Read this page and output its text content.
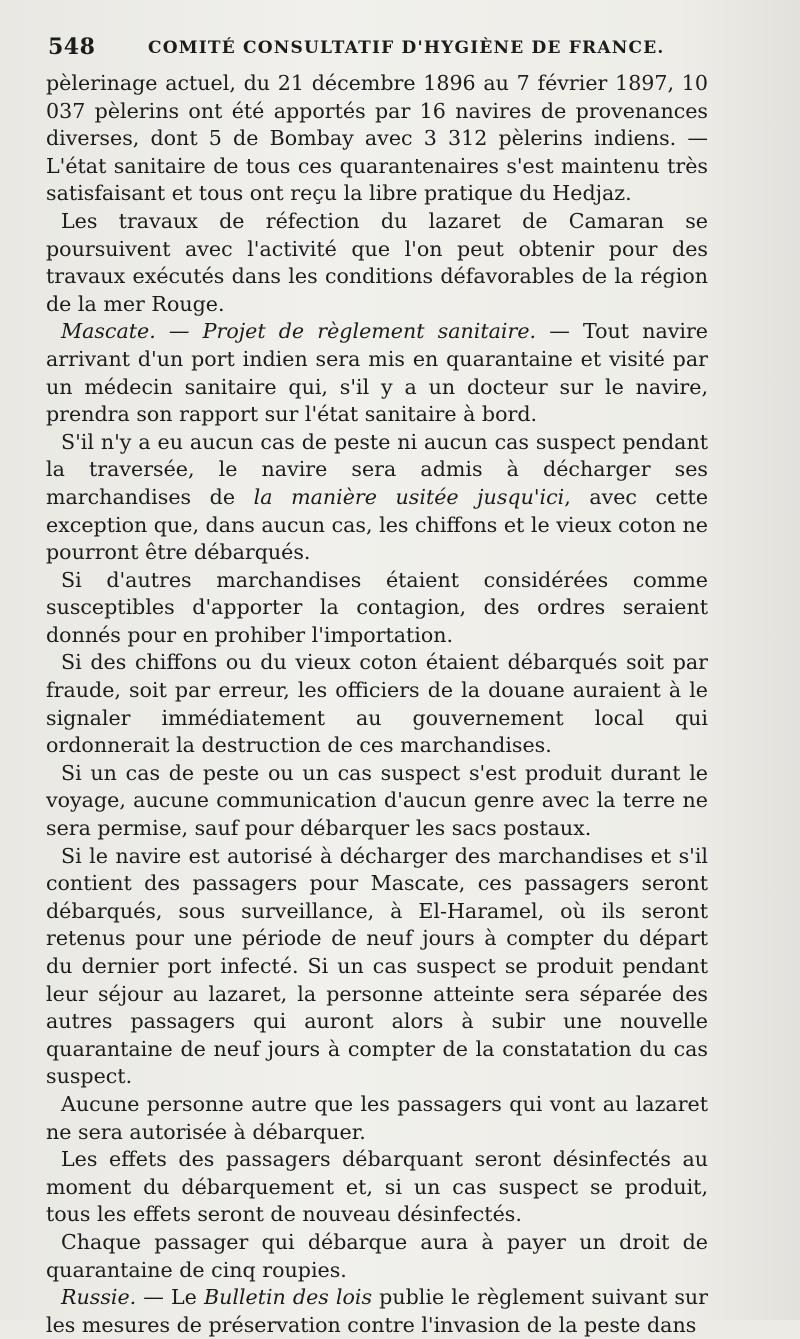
548	COMITÉ CONSULTATIF D'HYGIÈNE DE FRANCE.

pèlerinage actuel, du 21 décembre 1896 au 7 février 1897, 10 037 pèlerins ont été apportés par 16 navires de provenances diverses, dont 5 de Bombay avec 3 312 pèlerins indiens. — L'état sanitaire de tous ces quarantenaires s'est maintenu très satisfaisant et tous ont reçu la libre pratique du Hedjaz.

Les travaux de réfection du lazaret de Camaran se poursuivent avec l'activité que l'on peut obtenir pour des travaux exécutés dans les conditions défavorables de la région de la mer Rouge.

Mascate. — Projet de règlement sanitaire. — Tout navire arrivant d'un port indien sera mis en quarantaine et visité par un médecin sanitaire qui, s'il y a un docteur sur le navire, prendra son rapport sur l'état sanitaire à bord.

S'il n'y a eu aucun cas de peste ni aucun cas suspect pendant la traversée, le navire sera admis à décharger ses marchandises de la manière usitée jusqu'ici, avec cette exception que, dans aucun cas, les chiffons et le vieux coton ne pourront être débarqués.

Si d'autres marchandises étaient considérées comme susceptibles d'apporter la contagion, des ordres seraient donnés pour en prohiber l'importation.

Si des chiffons ou du vieux coton étaient débarqués soit par fraude, soit par erreur, les officiers de la douane auraient à le signaler immédiatement au gouvernement local qui ordonnerait la destruction de ces marchandises.

Si un cas de peste ou un cas suspect s'est produit durant le voyage, aucune communication d'aucun genre avec la terre ne sera permise, sauf pour débarquer les sacs postaux.

Si le navire est autorisé à décharger des marchandises et s'il contient des passagers pour Mascate, ces passagers seront débarqués, sous surveillance, à El-Haramel, où ils seront retenus pour une période de neuf jours à compter du départ du dernier port infecté. Si un cas suspect se produit pendant leur séjour au lazaret, la personne atteinte sera séparée des autres passagers qui auront alors à subir une nouvelle quarantaine de neuf jours à compter de la constatation du cas suspect.

Aucune personne autre que les passagers qui vont au lazaret ne sera autorisée à débarquer.

Les effets des passagers débarquant seront désinfectés au moment du débarquement et, si un cas suspect se produit, tous les effets seront de nouveau désinfectés.

Chaque passager qui débarque aura à payer un droit de quarantaine de cinq roupies.

Russie. — Le Bulletin des lois publie le règlement suivant sur les mesures de préservation contre l'invasion de la peste dans
